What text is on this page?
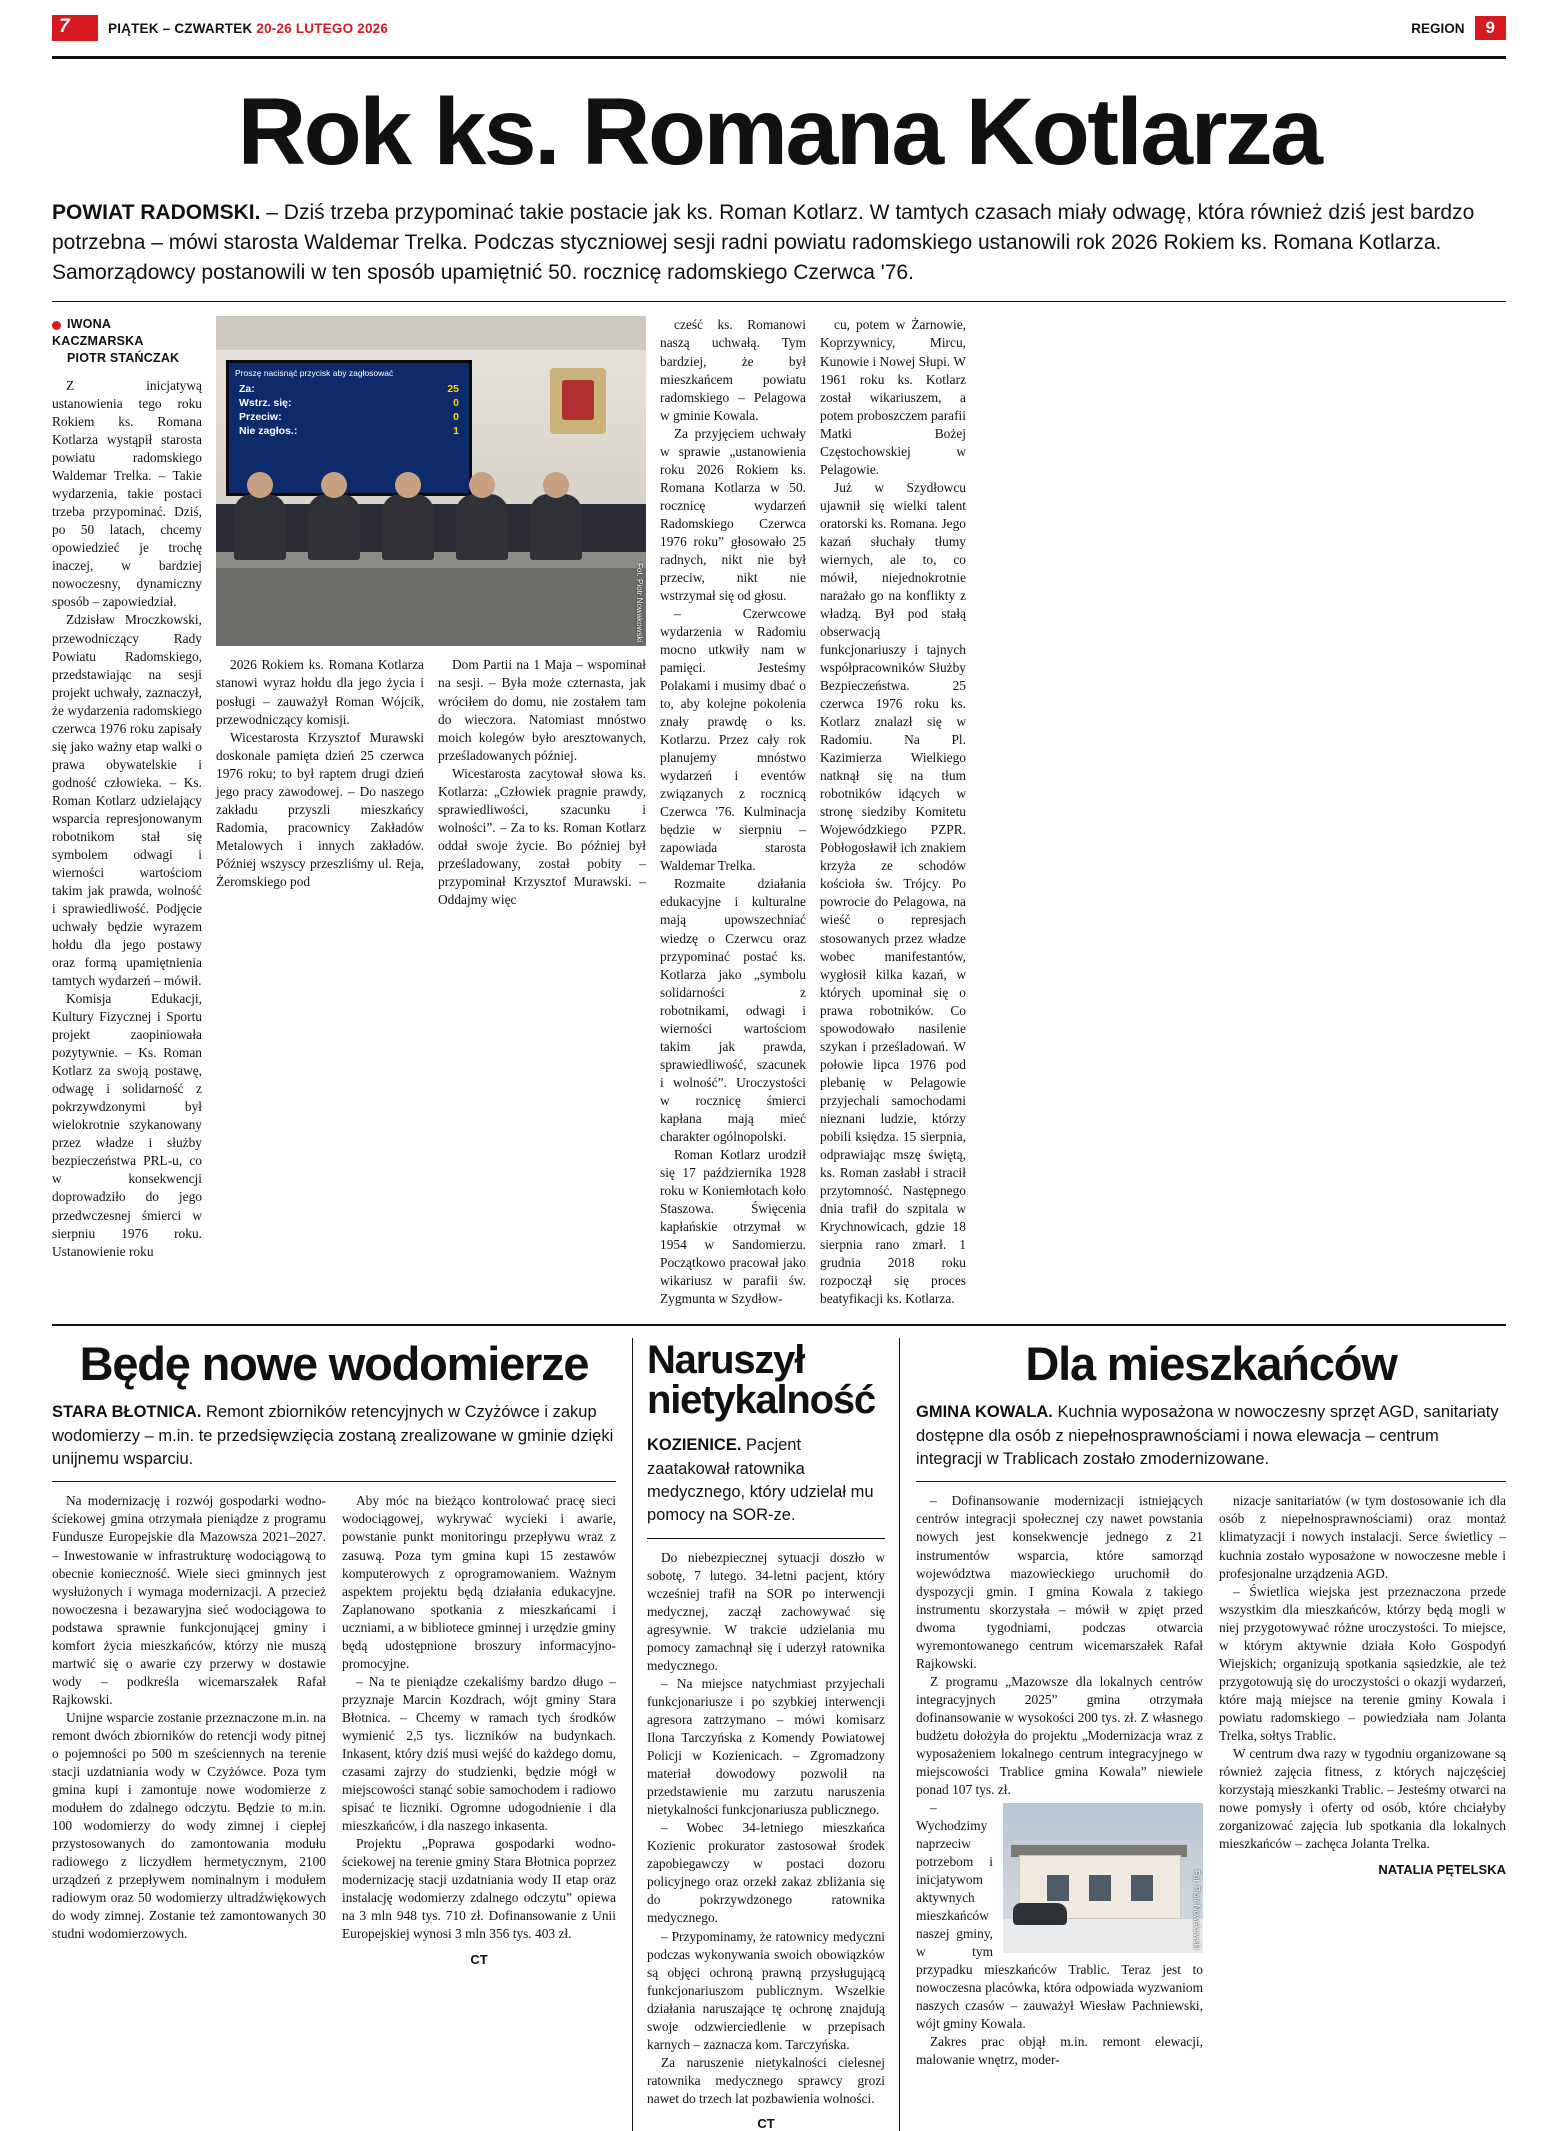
7
PIĄTEK – CZWARTEK 20-26 LUTEGO 2026	REGION	9
Rok ks. Romana Kotlarza
POWIAT RADOMSKI. – Dziś trzeba przypominać takie postacie jak ks. Roman Kotlarz. W tamtych czasach miały odwagę, która również dziś jest bardzo potrzebna – mówi starosta Waldemar Trelka. Podczas styczniowej sesji radni powiatu radomskiego ustanowili rok 2026 Rokiem ks. Romana Kotlarza. Samorządowcy postanowili w ten sposób upamiętnić 50. rocznicę radomskiego Czerwca '76.
IWONA KACZMARSKA
PIOTR STAŃCZAK

Z inicjatywą ustanowienia tego roku Rokiem ks. Romana Kotlarza wystąpił starosta powiatu radomskiego Waldemar Trelka. – Takie wydarzenia, takie postaci trzeba przypominać. Dziś, po 50 latach, chcemy opowiedzieć je trochę inaczej, w bardziej nowoczesny, dynamiczny sposób – zapowiedział.

Zdzisław Mroczkowski, przewodniczący Rady Powiatu Radomskiego, przedstawiając na sesji projekt uchwały, zaznaczył, że wydarzenia radomskiego czerwca 1976 roku zapisały się jako ważny etap walki o prawa obywatelskie i godność człowieka. – Ks. Roman Kotlarz udzielający wsparcia represjonowanym robotnikom stał się symbolem odwagi i wierności wartościom takim jak prawda, wolność i sprawiedliwość. Podjęcie uchwały będzie wyrazem hołdu dla jego postawy oraz formą upamiętnienia tamtych wydarzeń – mówił.

Komisja Edukacji, Kultury Fizycznej i Sportu projekt zaopiniowała pozytywnie. – Ks. Roman Kotlarz za swoją postawę, odwagę i solidarność z pokrzywdzonymi był wielokrotnie szykanowany przez władze i służby bezpieczeństwa PRL-u, co w konsekwencji doprowadziło do jego przedwczesnej śmierci w sierpniu 1976 roku. Ustanowienie roku

Proszę nacisnąć przycisk aby zagłosować
Za:	25
Wstrz. się:	0
Przeciw:	0
Nie zagłos.:	1
Fot. Piotr Nowakowski

2026 Rokiem ks. Romana Kotlarza stanowi wyraz hołdu dla jego życia i posługi – zauważył Roman Wójcik, przewodniczący komisji.

Wicestarosta Krzysztof Murawski doskonale pamięta dzień 25 czerwca 1976 roku; to był raptem drugi dzień jego pracy zawodowej. – Do naszego zakładu przyszli mieszkańcy Radomia, pracownicy Zakładów Metalowych i innych zakładów. Później wszyscy przeszliśmy ul. Reja, Żeromskiego pod

Dom Partii na 1 Maja – wspominał na sesji. – Była może czternasta, jak wróciłem do domu, nie zostałem tam do wieczora. Natomiast mnóstwo moich kolegów było aresztowanych, prześladowanych później.

Wicestarosta zacytował słowa ks. Kotlarza: „Człowiek pragnie prawdy, sprawiedliwości, szacunku i wolności”. – Za to ks. Roman Kotlarz oddał swoje życie. Bo później był prześladowany, został pobity – przypominał Krzysztof Murawski. – Oddajmy więc

cześć ks. Romanowi naszą uchwałą. Tym bardziej, że był mieszkańcem powiatu radomskiego – Pelagowa w gminie Kowala.

Za przyjęciem uchwały w sprawie „ustanowienia roku 2026 Rokiem ks. Romana Kotlarza w 50. rocznicę wydarzeń Radomskiego Czerwca 1976 roku” głosowało 25 radnych, nikt nie był przeciw, nikt nie wstrzymał się od głosu.

– Czerwcowe wydarzenia w Radomiu mocno utkwiły nam w pamięci. Jesteśmy Polakami i musimy dbać o to, aby kolejne pokolenia znały prawdę o ks. Kotlarzu. Przez cały rok planujemy mnóstwo wydarzeń i eventów związanych z rocznicą Czerwca '76. Kulminacja będzie w sierpniu – zapowiada starosta Waldemar Trelka.

Rozmaite działania edukacyjne i kulturalne mają upowszechniać wiedzę o Czerwcu oraz przypominać postać ks. Kotlarza jako „symbolu solidarności z robotnikami, odwagi i wierności wartościom takim jak prawda, sprawiedliwość, szacunek i wolność”. Uroczystości w rocznicę śmierci kapłana mają mieć charakter ogólnopolski.

Roman Kotlarz urodził się 17 października 1928 roku w Koniemłotach koło Staszowa. Święcenia kapłańskie otrzymał w 1954 w Sandomierzu. Początkowo pracował jako wikariusz w parafii św. Zygmunta w Szydłow-

cu, potem w Żarnowie, Koprzywnicy, Mircu, Kunowie i Nowej Słupi. W 1961 roku ks. Kotlarz został wikariuszem, a potem proboszczem parafii Matki Bożej Częstochowskiej w Pelagowie.

Już w Szydłowcu ujawnił się wielki talent oratorski ks. Romana. Jego kazań słuchały tłumy wiernych, ale to, co mówił, niejednokrotnie narażało go na konflikty z władzą. Był pod stałą obserwacją funkcjonariuszy i tajnych współpracowników Służby Bezpieczeństwa. 25 czerwca 1976 roku ks. Kotlarz znalazł się w Radomiu. Na Pl. Kazimierza Wielkiego natknął się na tłum robotników idących w stronę siedziby Komitetu Wojewódzkiego PZPR. Pobłogosławił ich znakiem krzyża ze schodów kościoła św. Trójcy. Po powrocie do Pelagowa, na wieść o represjach stosowanych przez władze wobec manifestantów, wygłosił kilka kazań, w których upominał się o prawa robotników. Co spowodowało nasilenie szykan i prześladowań. W połowie lipca 1976 pod plebanię w Pelagowie przyjechali samochodami nieznani ludzie, którzy pobili księdza. 15 sierpnia, odprawiając mszę świętą, ks. Roman zasłabł i stracił przytomność. Następnego dnia trafił do szpitala w Krychnowicach, gdzie 18 sierpnia rano zmarł. 1 grudnia 2018 roku rozpoczął się proces beatyfikacji ks. Kotlarza.

Będę nowe wodomierze
STARA BŁOTNICA. Remont zbiorników retencyjnych w Czyżówce i zakup wodomierzy – m.in. te przedsięwzięcia zostaną zrealizowane w gminie dzięki unijnemu wsparciu.

Na modernizację i rozwój gospodarki wodno-ściekowej gmina otrzymała pieniądze z programu Fundusze Europejskie dla Mazowsza 2021–2027. – Inwestowanie w infrastrukturę wodociągową to obecnie konieczność. Wiele sieci gminnych jest wysłużonych i wymaga modernizacji. A przecież nowoczesna i bezawaryjna sieć wodociągowa to podstawa sprawnie funkcjonującej gminy i komfort życia mieszkańców, którzy nie muszą martwić się o awarie czy przerwy w dostawie wody – podkreśla wicemarszałek Rafał Rajkowski.

Unijne wsparcie zostanie przeznaczone m.in. na remont dwóch zbiorników do retencji wody pitnej o pojemności po 500 m sześciennych na terenie stacji uzdatniania wody w Czyżówce. Poza tym gmina kupi i zamontuje nowe wodomierze z modułem do zdalnego odczytu. Będzie to m.in. 100 wodomierzy do wody zimnej i ciepłej przystosowanych do zamontowania modułu radiowego z liczydłem hermetycznym, 2100 urządzeń z przepływem nominalnym i modułem radiowym oraz 50 wodomierzy ultradźwiękowych do wody zimnej. Zostanie też zamontowanych 30 studni wodomierzowych.

Aby móc na bieżąco kontrolować pracę sieci wodociągowej, wykrywać wycieki i awarie, powstanie punkt monitoringu przepływu wraz z zasuwą. Poza tym gmina kupi 15 zestawów komputerowych z oprogramowaniem. Ważnym aspektem projektu będą działania edukacyjne. Zaplanowano spotkania z mieszkańcami i uczniami, a w bibliotece gminnej i urzędzie gminy będą udostępnione broszury informacyjno-promocyjne.

– Na te pieniądze czekaliśmy bardzo długo – przyznaje Marcin Kozdrach, wójt gminy Stara Błotnica. – Chcemy w ramach tych środków wymienić 2,5 tys. liczników na budynkach. Inkasent, który dziś musi wejść do każdego domu, czasami zajrzy do studzienki, będzie mógł w miejscowości stanąć sobie samochodem i radiowo spisać te liczniki. Ogromne udogodnienie i dla mieszkańców, i dla naszego inkasenta.

Projektu „Poprawa gospodarki wodno-ściekowej na terenie gminy Stara Błotnica poprzez modernizację stacji uzdatniania wody II etap oraz instalację wodomierzy zdalnego odczytu” opiewa na 3 mln 948 tys. 710 zł. Dofinansowanie z Unii Europejskiej wynosi 3 mln 356 tys. 403 zł.

CT
Naruszył nietykalność
KOZIENICE. Pacjent zaatakował ratownika medycznego, który udzielał mu pomocy na SOR-ze.

Do niebezpiecznej sytuacji doszło w sobotę, 7 lutego. 34-letni pacjent, który wcześniej trafił na SOR po interwencji medycznej, zaczął zachowywać się agresywnie. W trakcie udzielania mu pomocy zamachnął się i uderzył ratownika medycznego.

– Na miejsce natychmiast przyjechali funkcjonariusze i po szybkiej interwencji agresora zatrzymano – mówi komisarz Ilona Tarczyńska z Komendy Powiatowej Policji w Kozienicach. – Zgromadzony materiał dowodowy pozwolił na przedstawienie mu zarzutu naruszenia nietykalności funkcjonariusza publicznego.

– Wobec 34-letniego mieszkańca Kozienic prokurator zastosował środek zapobiegawczy w postaci dozoru policyjnego oraz orzekł zakaz zbliżania się do pokrzywdzonego ratownika medycznego.

– Przypominamy, że ratownicy medyczni podczas wykonywania swoich obowiązków są objęci ochroną prawną przysługującą funkcjonariuszom publicznym. Wszelkie działania naruszające tę ochronę znajdują swoje odzwierciedlenie w przepisach karnych – zaznacza kom. Tarczyńska.

Za naruszenie nietykalności cielesnej ratownika medycznego sprawcy grozi nawet do trzech lat pozbawienia wolności.

CT
Dla mieszkańców
GMINA KOWALA. Kuchnia wyposażona w nowoczesny sprzęt AGD, sanitariaty dostępne dla osób z niepełnosprawnościami i nowa elewacja – centrum integracji w Trablicach zostało zmodernizowane.

– Dofinansowanie modernizacji istniejących centrów integracji społecznej czy nawet powstania nowych jest konsekwencje jednego z 21 instrumentów wsparcia, które samorząd województwa mazowieckiego uruchomił do dyspozycji gmin. I gmina Kowala z takiego instrumentu skorzystała – mówił w zpięt przed dwoma tygodniami, podczas otwarcia wyremontowanego centrum wicemarszałek Rafał Rajkowski.

Z programu „Mazowsze dla lokalnych centrów integracyjnych 2025” gmina otrzymała dofinansowanie w wysokości 200 tys. zł. Z własnego budżetu dołożyła do projektu „Modernizacja wraz z wyposażeniem lokalnego centrum integracyjnego w miejscowości Trablice gmina Kowala” niewiele ponad 107 tys. zł.

Fot. Piotr Nowakowski

– Wychodzimy naprzeciw potrzebom i inicjatywom aktywnych mieszkańców naszej gminy, w tym przypadku mieszkańców Trablic. Teraz jest to nowoczesna placówka, która odpowiada wyzwaniom naszych czasów – zauważył Wiesław Pachniewski, wójt gminy Kowala.

Zakres prac objął m.in. remont elewacji, malowanie wnętrz, moder-

nizacje sanitariatów (w tym dostosowanie ich dla osób z niepełnosprawnościami) oraz montaż klimatyzacji i nowych instalacji. Serce świetlicy – kuchnia zostało wyposażone w nowoczesne meble i profesjonalne urządzenia AGD.

– Świetlica wiejska jest przeznaczona przede wszystkim dla mieszkańców, którzy będą mogli w niej przygotowywać różne uroczystości. To miejsce, w którym aktywnie działa Koło Gospodyń Wiejskich; organizują spotkania sąsiedzkie, ale też przygotowują się do uroczystości o okazji wydarzeń, które mają miejsce na terenie gminy Kowala i powiatu radomskiego – powiedziała nam Jolanta Trelka, sołtys Trablic.

W centrum dwa razy w tygodniu organizowane są również zajęcia fitness, z których najczęściej korzystają mieszkanki Trablic. – Jesteśmy otwarci na nowe pomysły i oferty od osób, które chciałyby zorganizować zajęcia lub spotkania dla lokalnych mieszkańców – zachęca Jolanta Trelka.

NATALIA PĘTELSKA
